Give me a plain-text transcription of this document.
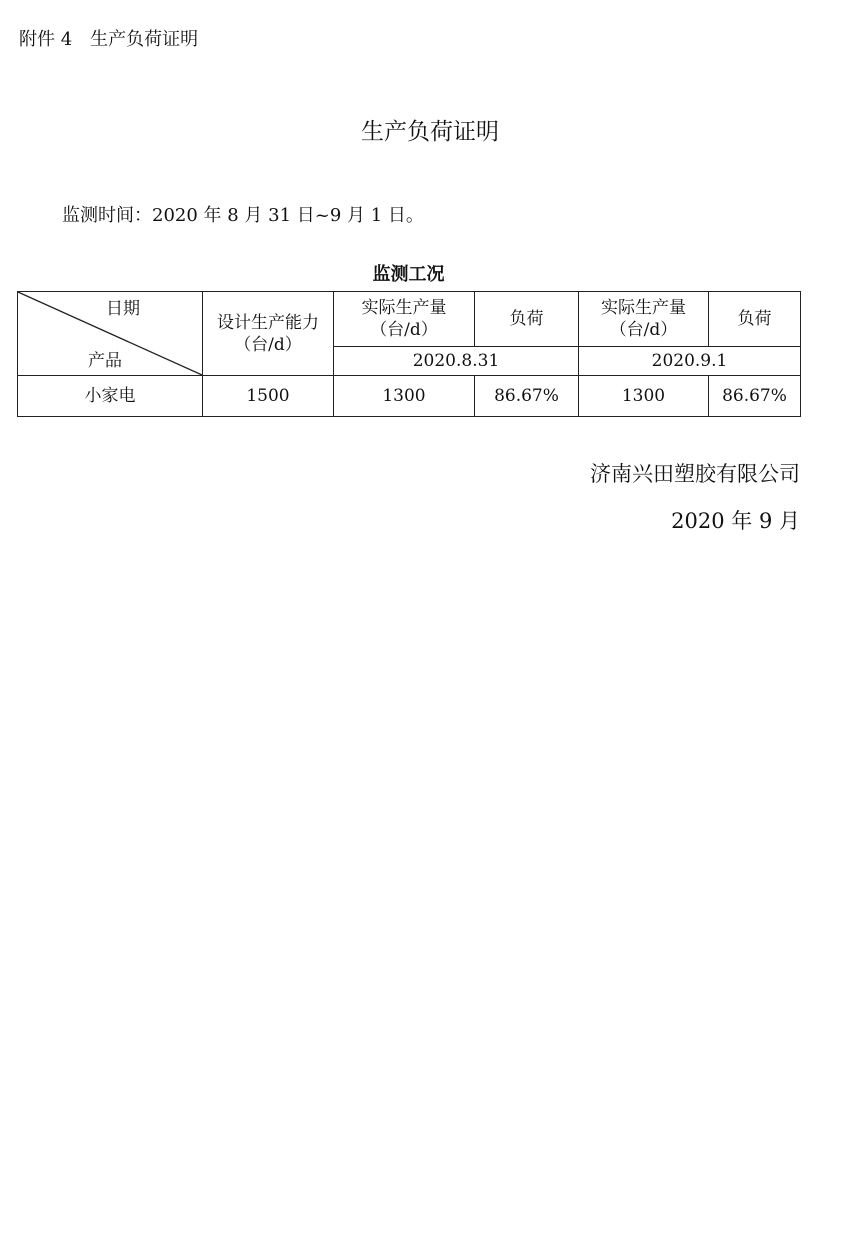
附件 4　生产负荷证明
生产负荷证明
监测时间：2020 年 8 月 31 日~9 月 1 日。
监测工况
日期
产品	设计生产能力（台/d）	实际生产量（台/d）	负荷	实际生产量（台/d）	负荷
		2020.8.31		2020.9.1	
小家电	1500	1300	86.67%	1300	86.67%
济南兴田塑胶有限公司
2020 年 9 月
